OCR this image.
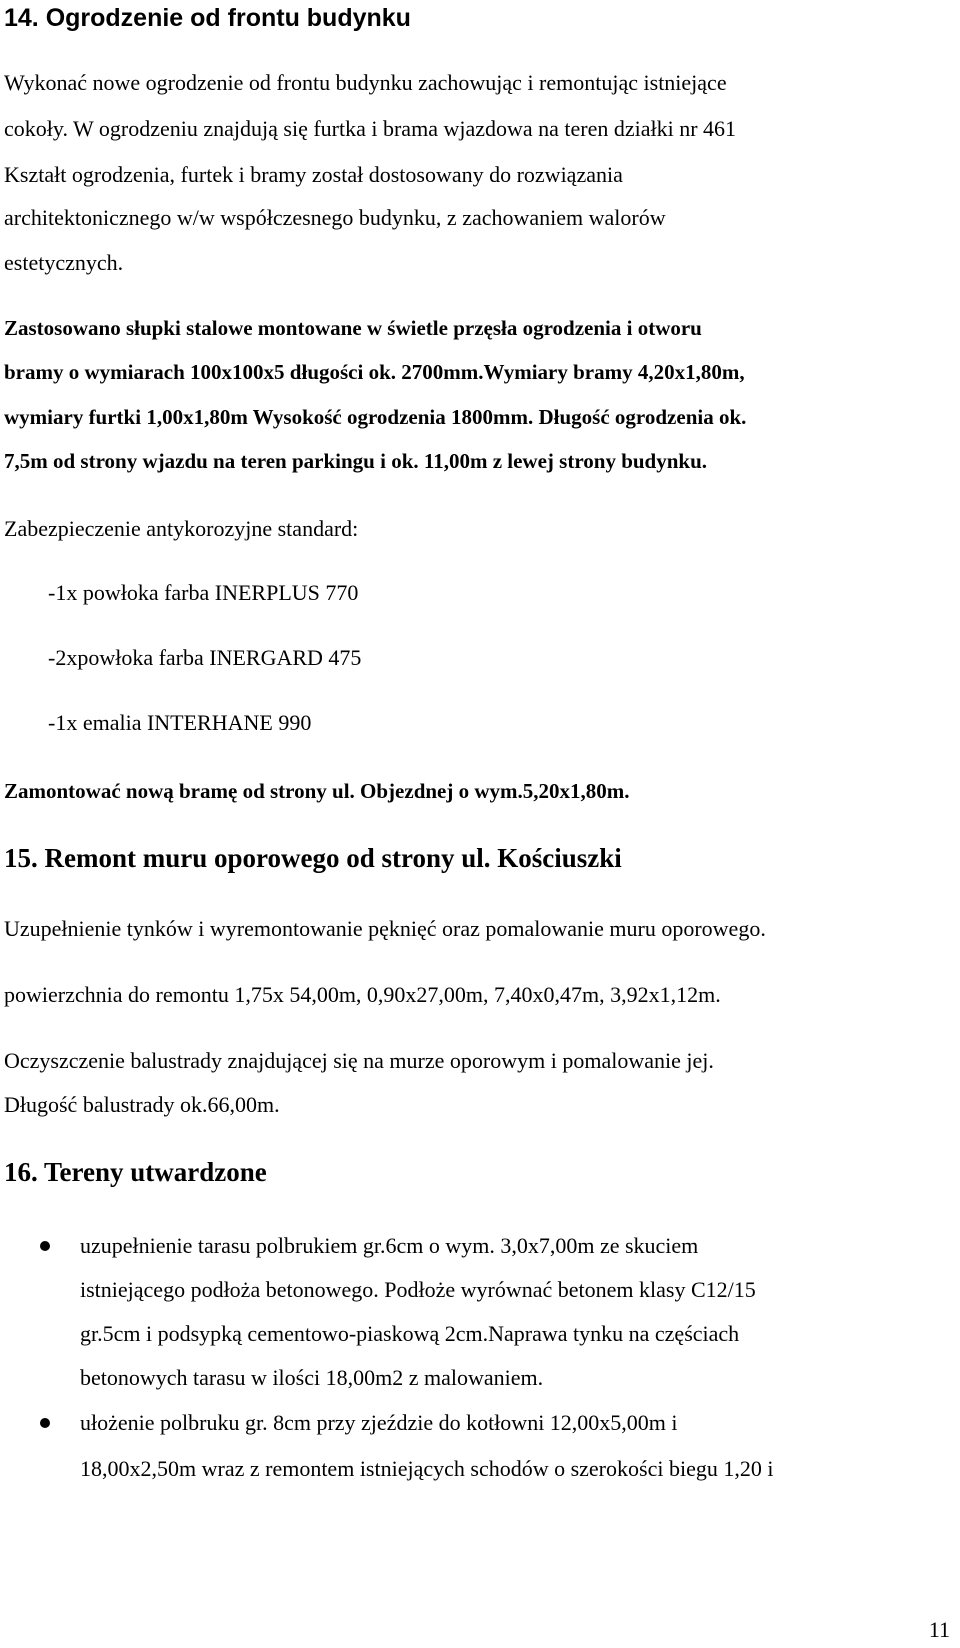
14. Ogrodzenie od frontu budynku

Wykonać nowe ogrodzenie od frontu budynku zachowując i remontując istniejące

cokoły. W ogrodzeniu znajdują się furtka i brama wjazdowa na teren działki nr 461

Kształt ogrodzenia, furtek i bramy został dostosowany do rozwiązania

architektonicznego w/w współczesnego budynku, z zachowaniem walorów

estetycznych.

Zastosowano słupki stalowe montowane w świetle przęsła ogrodzenia i otworu

bramy o wymiarach 100x100x5 długości ok. 2700mm.Wymiary bramy 4,20x1,80m,

wymiary furtki 1,00x1,80m Wysokość ogrodzenia 1800mm. Długość ogrodzenia ok.

7,5m od strony wjazdu na teren parkingu i ok. 11,00m z lewej strony budynku.

Zabezpieczenie antykorozyjne standard:

-1x powłoka farba INERPLUS 770

-2xpowłoka farba INERGARD 475

-1x emalia INTERHANE 990

Zamontować nową bramę od strony ul. Objezdnej o wym.5,20x1,80m.

15. Remont muru oporowego od strony ul. Kościuszki

Uzupełnienie tynków i wyremontowanie pęknięć oraz pomalowanie muru oporowego.

powierzchnia do remontu 1,75x 54,00m, 0,90x27,00m, 7,40x0,47m, 3,92x1,12m.

Oczyszczenie balustrady znajdującej się na murze oporowym i pomalowanie jej.

Długość balustrady ok.66,00m.

16. Tereny utwardzone

uzupełnienie tarasu polbrukiem gr.6cm o wym. 3,0x7,00m ze skuciem

istniejącego podłoża betonowego. Podłoże wyrównać betonem klasy C12/15

gr.5cm i podsypką cementowo-piaskową 2cm.Naprawa tynku na częściach

betonowych tarasu w ilości 18,00m2 z malowaniem.

ułożenie polbruku gr. 8cm przy zjeździe do kotłowni 12,00x5,00m i

18,00x2,50m wraz z remontem istniejących schodów o szerokości biegu 1,20 i

11
